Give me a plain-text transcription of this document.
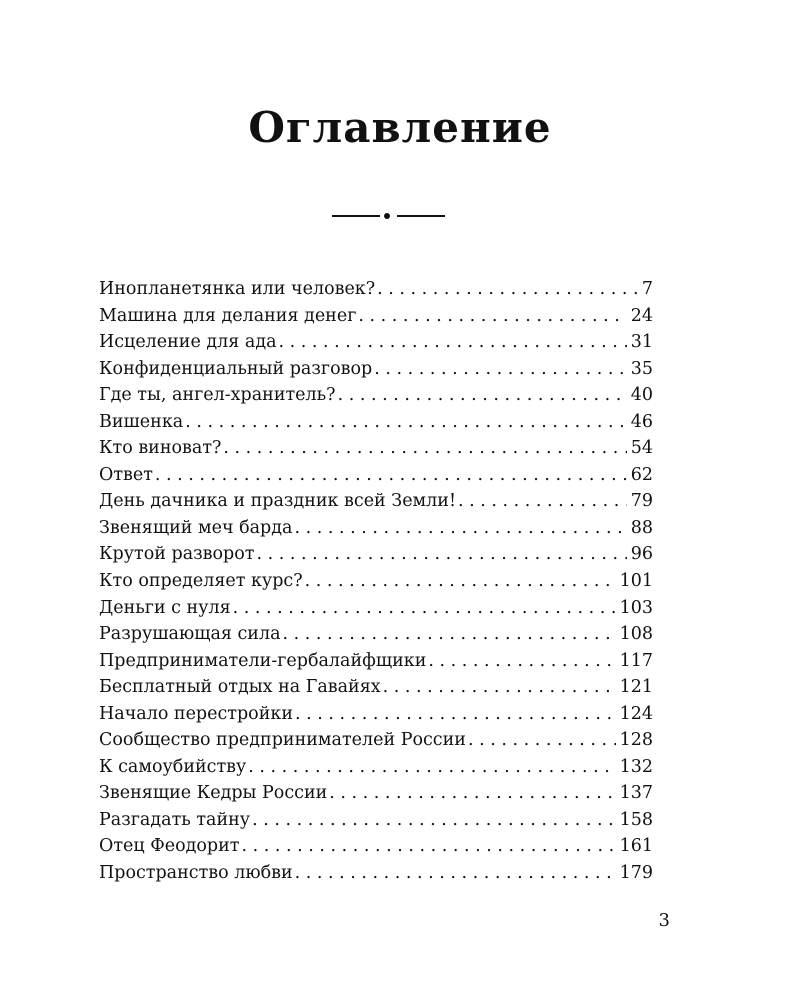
Оглавление
Инопланетянка или человек? . . .	7
Машина для делания денег . . .	24
Исцеление для ада . . .	31
Конфиденциальный разговор . . .	35
Где ты, ангел-хранитель? . . .	40
Вишенка . . .	46
Кто виноват? . . .	54
Ответ . . .	62
День дачника и праздник всей Земли! . . .	79
Звенящий меч барда . . .	88
Крутой разворот . . .	96
Кто определяет курс? . . .	101
Деньги с нуля . . .	103
Разрушающая сила . . .	108
Предприниматели-гербалайфщики . . .	117
Бесплатный отдых на Гавайях . . .	121
Начало перестройки . . .	124
Сообщество предпринимателей России . . .	128
К самоубийству . . .	132
Звенящие Кедры России . . .	137
Разгадать тайну . . .	158
Отец Феодорит . . .	161
Пространство любви . . .	179
3
